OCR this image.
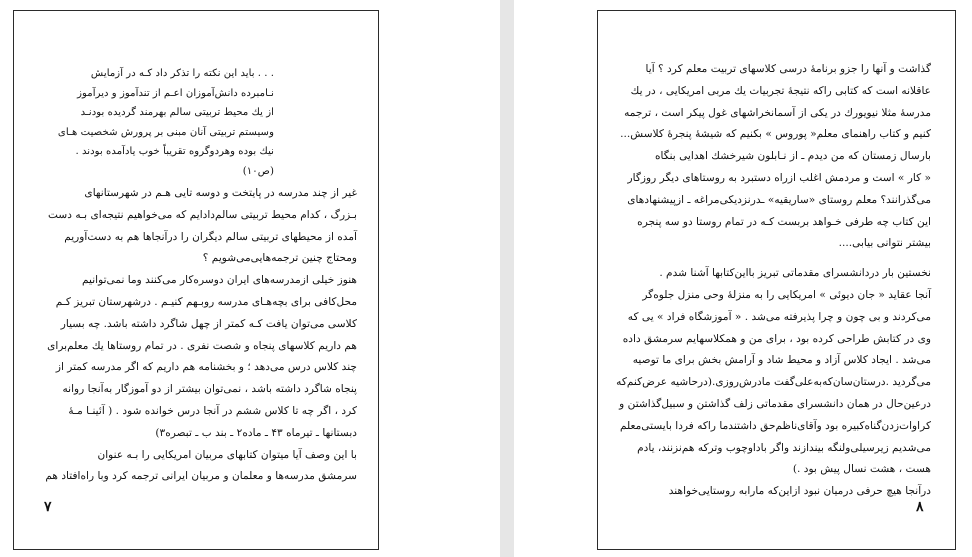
. . . باید این نکته را تذکر داد کـه در آزمایش
نـامبرده دانش‌آموزان اعـم از تندآموز و دیرآموز
از یك محیط تربیتی سالم بهرمند گردیده بودنـد
وسیستم تربیتی آنان مبنی بر پرورش شخصیت هـای
نیك بوده وهردوگروه تقریباً خوب یادآمده بودند .
(ص۱۰)
غیر از چند مدرسه در پایتخت و دوسه تایی هـم در شهرستانهای
بـزرگ ، کدام محیط تربیتی سالم‌دادایم که می‌خواهیم نتیجه‌ای بـه دست
آمده از محیطهای تربیتی سالم دیگران را درآنجاها هم به دست‌آوریم
ومحتاج چنین ترجمه‌هایی‌می‌شویم ؟
هنوز خیلی ازمدرسه‌های ایران دوسره‌کار می‌کنند وما نمی‌توانیم
محل‌کافی برای بچه‌هـای مدرسه روبـهم کنیـم . درشهرستان تبریز کـم
کلاسی می‌توان یافت کـه کمتر از چهل شاگرد داشته باشد. چه بسیار
هم داریم کلاسهای پنجاه و شصت نفری . در تمام روستاها یك معلم‌برای
چند کلاس درس می‌دهد ؛ و بخشنامه هم داریم که اگر مدرسه کمتر از
پنجاه شاگرد داشته باشد ، نمی‌توان بیشتر از دو آموزگار به‌آنجا روانه
کرد ، اگر چه تا کلاس ششم در آنجا درس خوانده شود . ( آئینـا مـهٔ
دبستانها ـ تیرماه ۴۳ ـ ماده‌۲ ـ بند ب ـ تبصره۳)
با این وصف آیا میتوان کتابهای مربیان امریکایی را بـه عنوان
سرمشق مدرسه‌ها و معلمان و مربیان ایرانی ترجمه کرد وبا راه‌افتاد هم
۷
گذاشت و آنها را جزو برنامهٔ درسی کلاسهای تربیت معلم کرد ؟ آیا
عاقلانه است که کتابی راکه نتیجهٔ تجربیات یك مربی امریکایی ، در یك
مدرسهٔ مثلا نیویورك در یکی از آسمانخراشهای غول پیکر است ، ترجمه
کنیم و کتاب راهنمای معلم« پوروس » بکنیم که شیشهٔ پنجرهٔ کلاسش...
بارسال زمستان که من دیدم ـ از نـابلون شیرخشك اهدایی بنگاه
« کار » است و مردمش اغلب ازراه دستبرد به روستاهای دیگر روزگار
می‌گذرانند؟ معلم روستای «ساریقیه» ـدرنزدیکی‌مراغه ـ ازپیشنهادهای
این کتاب چه طرفی خـواهد بربست کـه در تمام روستا دو سه پنجره
بیشتر نتوانی بیابی....
نخستین بار دردانشسرای مقدماتی تبریز بااین‌کتابها آشنا شدم .
آنجا عقاید « جان دیوئی » امریکایی را به منزلهٔ وحی منزل جلوه‌گر
می‌کردند و بی چون و چرا پذیرفته می‌شد . « آموزشگاه فراد » یی که
وی در کتابش طراحی کرده بود ، برای من و همکلاسهایم سرمشق داده
می‌شد . ایجاد کلاس آزاد و محیط شاد و آرامش بخش برای ما توصیه
می‌گردید .درستا‌ن‌سان‌که‌به‌علی‌گفت مادرش‌روزی.(درحاشیه عرض‌کنم‌که
درعین‌حال در همان دانشسرای مقدماتی زلف گذاشتن و سبیل‌گذاشتن و
کراوات‌زدن‌گناه‌کبیره بود وآقای‌ناظم‌حق داشتندما راکه فردا بایستی‌معلم
می‌شدیم زیرسیلی‌ولنگه بیندازند واگر باداوچوب وترکه هم‌نزنند، یادم
هست ، هشت نسال پیش بود .)
درآنجا هیچ حرفی درمیان نبود ازاین‌که مارابه روستایی‌خواهند
۸
